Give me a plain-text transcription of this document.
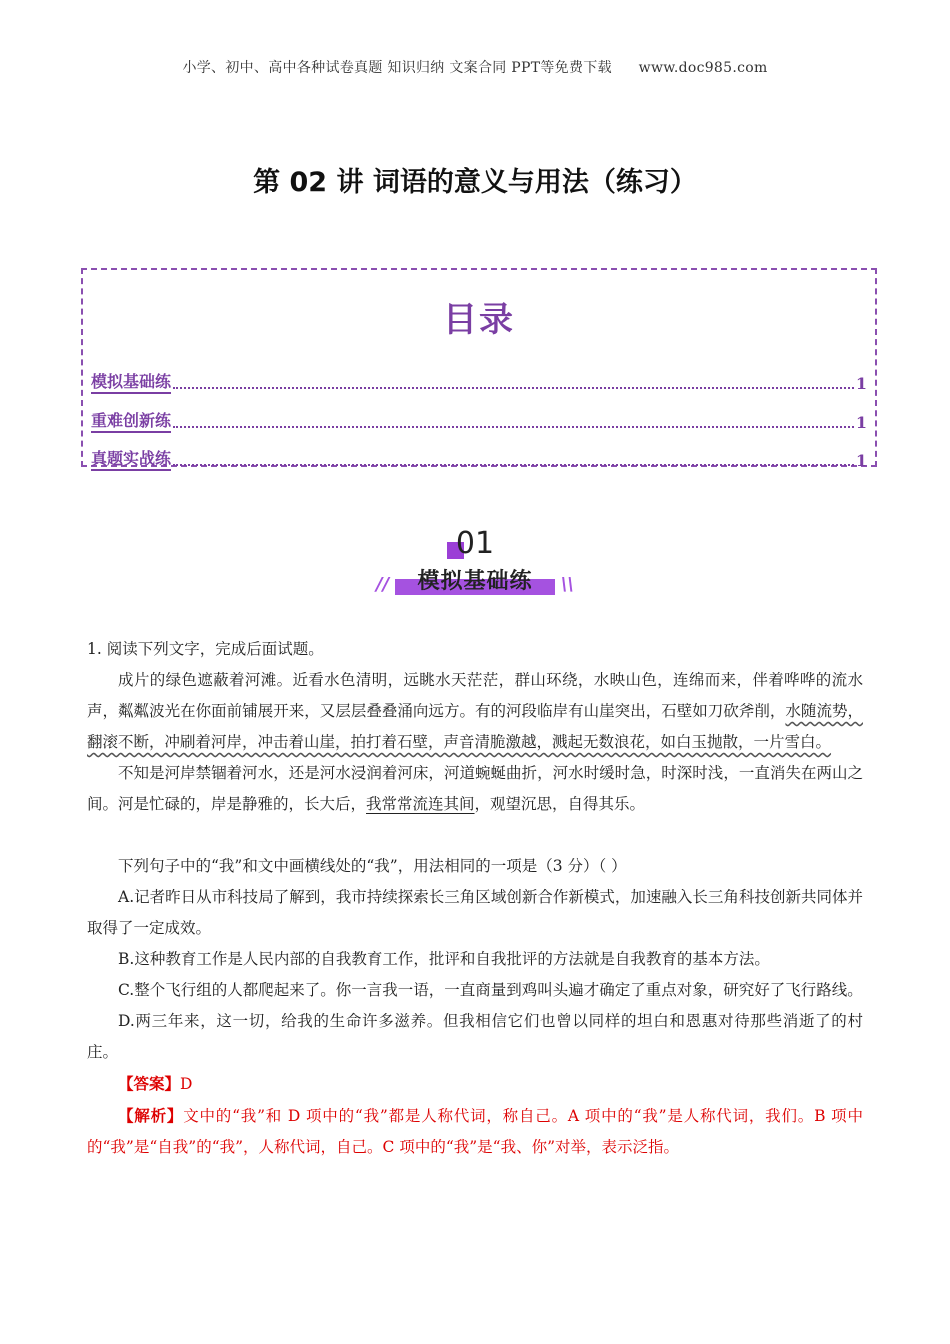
小学、初中、高中各种试卷真题 知识归纳 文案合同 PPT等免费下载 www.doc985.com
第 02 讲 词语的意义与用法（练习）
目录
模拟基础练	1
重难创新练	1
真题实战练	1
01
//	\\
模拟基础练

1. 阅读下列文字，完成后面试题。

成片的绿色遮蔽着河滩。近看水色清明，远眺水天茫茫，群山环绕，水映山色，连绵而来，伴着哗哗的流水声，粼粼波光在你面前铺展开来，又层层叠叠涌向远方。有的河段临岸有山崖突出，石壁如刀砍斧削，水随流势，翻滚不断，冲刷着河岸，冲击着山崖，拍打着石壁，声音清脆激越，溅起无数浪花，如白玉抛散，一片雪白。

不知是河岸禁锢着河水，还是河水浸润着河床，河道蜿蜒曲折，河水时缓时急，时深时浅，一直消失在两山之间。河是忙碌的，岸是静雅的，长大后，我常常流连其间，观望沉思，自得其乐。

下列句子中的“我”和文中画横线处的“我”，用法相同的一项是（3 分）（ ）

A.记者昨日从市科技局了解到，我市持续探索长三角区域创新合作新模式，加速融入长三角科技创新共同体并取得了一定成效。

B.这种教育工作是人民内部的自我教育工作，批评和自我批评的方法就是自我教育的基本方法。

C.整个飞行组的人都爬起来了。你一言我一语，一直商量到鸡叫头遍才确定了重点对象，研究好了飞行路线。

D.两三年来，这一切，给我的生命许多滋养。但我相信它们也曾以同样的坦白和恩惠对待那些消逝了的村庄。

【答案】D

【解析】文中的“我”和 D 项中的“我”都是人称代词，称自己。A 项中的“我”是人称代词，我们。B 项中的“我”是“自我”的“我”，人称代词，自己。C 项中的“我”是“我、你”对举，表示泛指。
